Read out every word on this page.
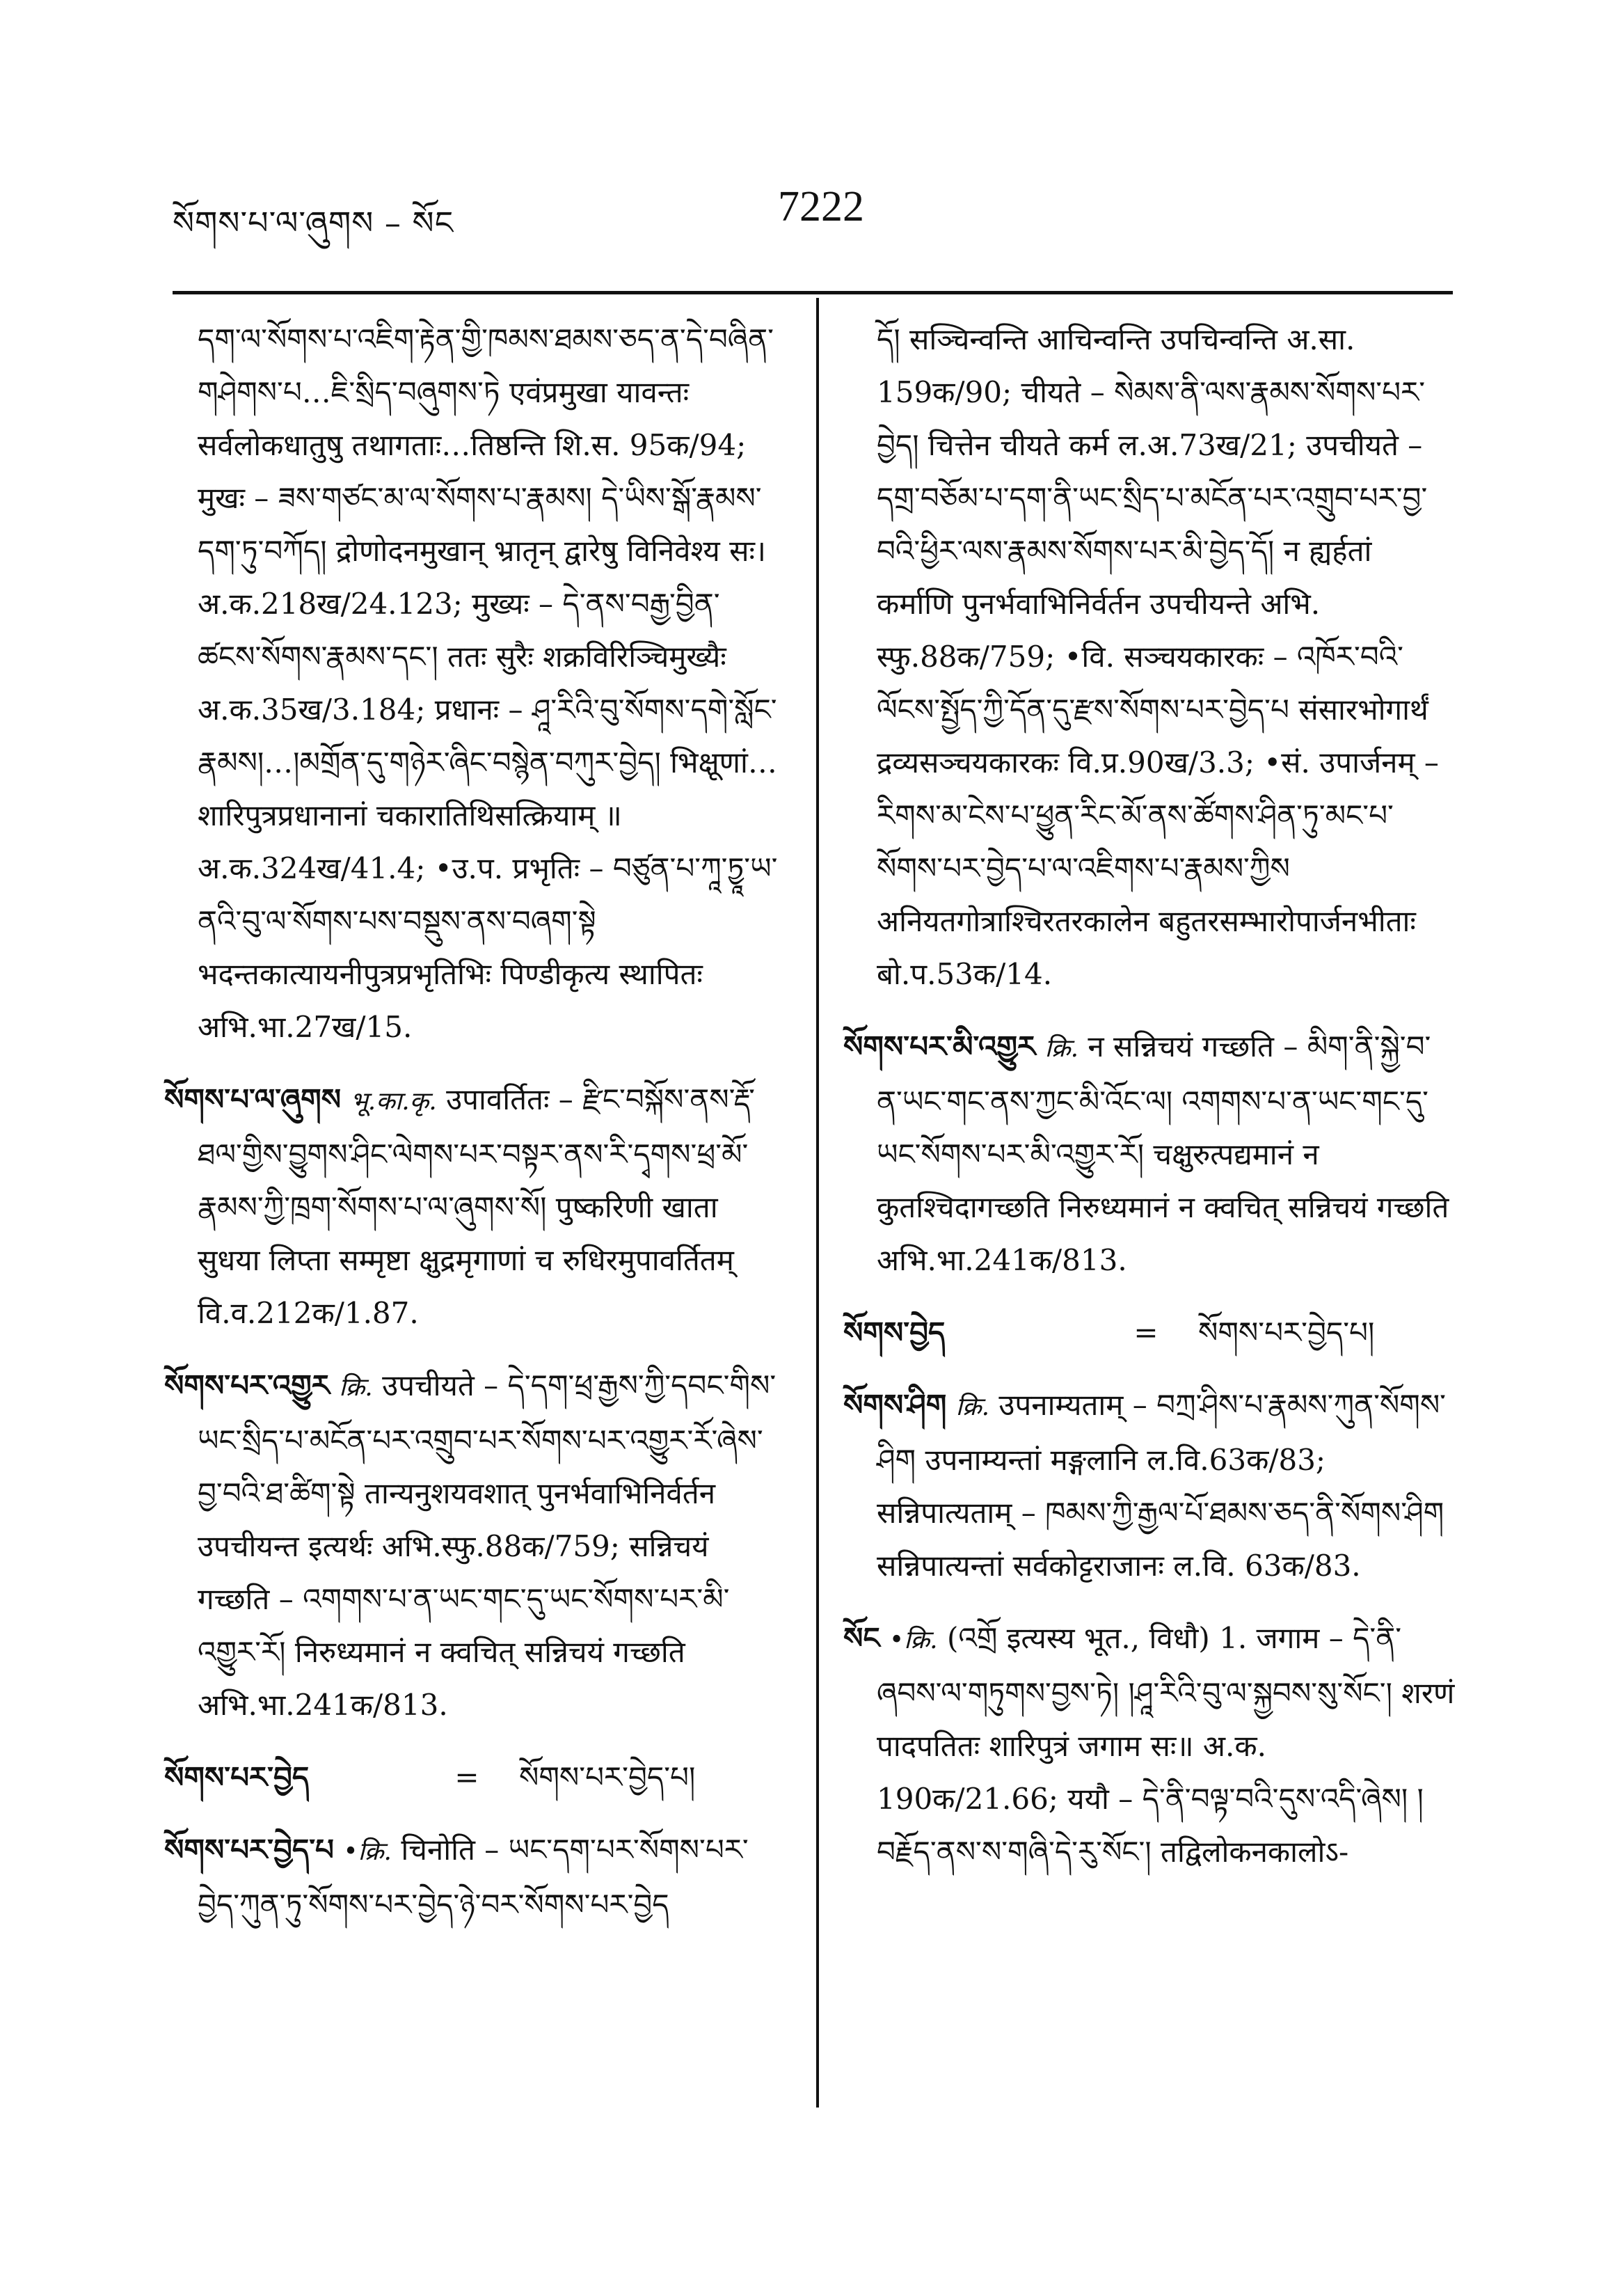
སོགས་པ་ལ་ཞུགས – སོང	7222

དག་ལ་སོགས་པ་འཇིག་རྟེན་གྱི་ཁམས་ཐམས་ཅད་ན་དེ་བཞིན་གཤེགས་པ…ཇི་སྲིད་བཞུགས་ཏེ एवंप्रमुखा यावन्तः सर्वलोकधातुषु तथागताः…तिष्ठन्ति शि.स. 95क/94; मुखः – ཟས་གཙང་མ་ལ་སོགས་པ་རྣམས། དེ་ཡིས་སྒོ་རྣམས་དག་ཏུ་བཀོད། द्रोणोदनमुखान् भ्रातृन् द्वारेषु विनिवेश्य सः। अ.क.218ख/24.123; मुख्यः – དེ་ནས་བརྒྱ་བྱིན་ཚངས་སོགས་རྣམས་དང་། ततः सुरैः शक्रविरिञ्चिमुख्यैः अ.क.35ख/3.184; प्रधानः – ཤཱ་རིའི་བུ་སོགས་དགེ་སློང་རྣམས།…།མགྲོན་དུ་གཉེར་ཞིང་བསྙེན་བཀུར་བྱེད། भिक्षूणां…शारिपुत्रप्रधानानां चकारातिथिसत्क्रियाम् ॥ अ.क.324ख/41.4; •उ.प. प्रभृतिः – བཙུན་པ་ཀཱ་ཏྱཱ་ཡ་ནའི་བུ་ལ་སོགས་པས་བསྡུས་ནས་བཞག་སྟེ भदन्तकात्यायनीपुत्रप्रभृतिभिः पिण्डीकृत्य स्थापितः अभि.भा.27ख/15.

སོགས་པ་ལ་ཞུགས भू.का.कृ. उपावर्तितः – རྫིང་བསྐོས་ནས་རྡོ་ཐལ་གྱིས་བྱུགས་ཤིང་ལེགས་པར་བསྟར་ནས་རི་དྭགས་ཕྲ་མོ་རྣམས་ཀྱི་ཁྲག་སོགས་པ་ལ་ཞུགས་སོ། पुष्करिणी खाता सुधया लिप्ता सम्मृष्टा क्षुद्रमृगाणां च रुधिरमुपावर्तितम् वि.व.212क/1.87.

སོགས་པར་འགྱུར क्रि. उपचीयते – དེ་དག་ཕྲ་རྒྱས་ཀྱི་དབང་གིས་ཡང་སྲིད་པ་མངོན་པར་འགྲུབ་པར་སོགས་པར་འགྱུར་རོ་ཞེས་བྱ་བའི་ཐ་ཚིག་སྟེ तान्यनुशयवशात् पुनर्भवाभिनिर्वर्तन उपचीयन्त इत्यर्थः अभि.स्फु.88क/759; सन्निचयं गच्छति – འགགས་པ་ན་ཡང་གང་དུ་ཡང་སོགས་པར་མི་འགྱུར་རོ། निरुध्यमानं न क्वचित् सन्निचयं गच्छति अभि.भा.241क/813.

སོགས་པར་བྱེད	=	སོགས་པར་བྱེད་པ།

སོགས་པར་བྱེད་པ •क्रि. चिनोति – ཡང་དག་པར་སོགས་པར་བྱེད་ཀུན་ཏུ་སོགས་པར་བྱེད་ཉེ་བར་སོགས་པར་བྱེད

དོ། सञ्चिन्वन्ति आचिन्वन्ति उपचिन्वन्ति अ.सा. 159क/90; चीयते – སེམས་ནི་ལས་རྣམས་སོགས་པར་བྱེད། चित्तेन चीयते कर्म ल.अ.73ख/21; उपचीयते – དགྲ་བཅོམ་པ་དག་ནི་ཡང་སྲིད་པ་མངོན་པར་འགྲུབ་པར་བྱ་བའི་ཕྱིར་ལས་རྣམས་སོགས་པར་མི་བྱེད་དོ། न ह्यर्हतां कर्माणि पुनर्भवाभिनिर्वर्तन उपचीयन्ते अभि. स्फु.88क/759; •वि. सञ्चयकारकः – འཁོར་བའི་ལོངས་སྤྱོད་ཀྱི་དོན་དུ་རྫས་སོགས་པར་བྱེད་པ संसारभोगार्थं द्रव्यसञ्चयकारकः वि.प्र.90ख/3.3; •सं. उपार्जनम् – རིགས་མ་ངེས་པ་ཕྱུན་རིང་མོ་ནས་ཚོགས་ཤིན་ཏུ་མང་པ་སོགས་པར་བྱེད་པ་ལ་འཇིགས་པ་རྣམས་ཀྱིས अनियतगोत्राश्चिरतरकालेन बहुतरसम्भारोपार्जनभीताः बो.प.53क/14.

སོགས་པར་མི་འགྱུར क्रि. न सन्निचयं गच्छति – མིག་ནི་སྐྱེ་བ་ན་ཡང་གང་ནས་ཀྱང་མི་འོང་ལ། འགགས་པ་ན་ཡང་གང་དུ་ཡང་སོགས་པར་མི་འགྱུར་རོ། चक्षुरुत्पद्यमानं न कुतश्चिदागच्छति निरुध्यमानं न क्वचित् सन्निचयं गच्छति अभि.भा.241क/813.

སོགས་བྱེད	=	སོགས་པར་བྱེད་པ།

སོགས་ཤིག क्रि. उपनाम्यताम् – བཀྲ་ཤིས་པ་རྣམས་ཀུན་སོགས་ཤིག उपनाम्यन्तां मङ्गलानि ल.वि.63क/83; सन्निपात्यताम् – ཁམས་ཀྱི་རྒྱལ་པོ་ཐམས་ཅད་ནི་སོགས་ཤིག सन्निपात्यन्तां सर्वकोट्टराजानः ल.वि. 63क/83.

སོང •क्रि. (འགྲོ इत्यस्य भूत., विधौ) 1. जगाम – དེ་ནི་ཞབས་ལ་གཏུགས་བྱས་ཏེ། །ཤཱ་རིའི་བུ་ལ་སྐྱབས་སུ་སོང་། शरणं पादपतितः शारिपुत्रं जगाम सः॥ अ.क. 190क/21.66; ययौ – དེ་ནི་བལྟ་བའི་དུས་འདི་ཞེས། །བརྗོད་ནས་ས་གཞི་དེ་རུ་སོང་། तद्विलोकनकालोऽ-
